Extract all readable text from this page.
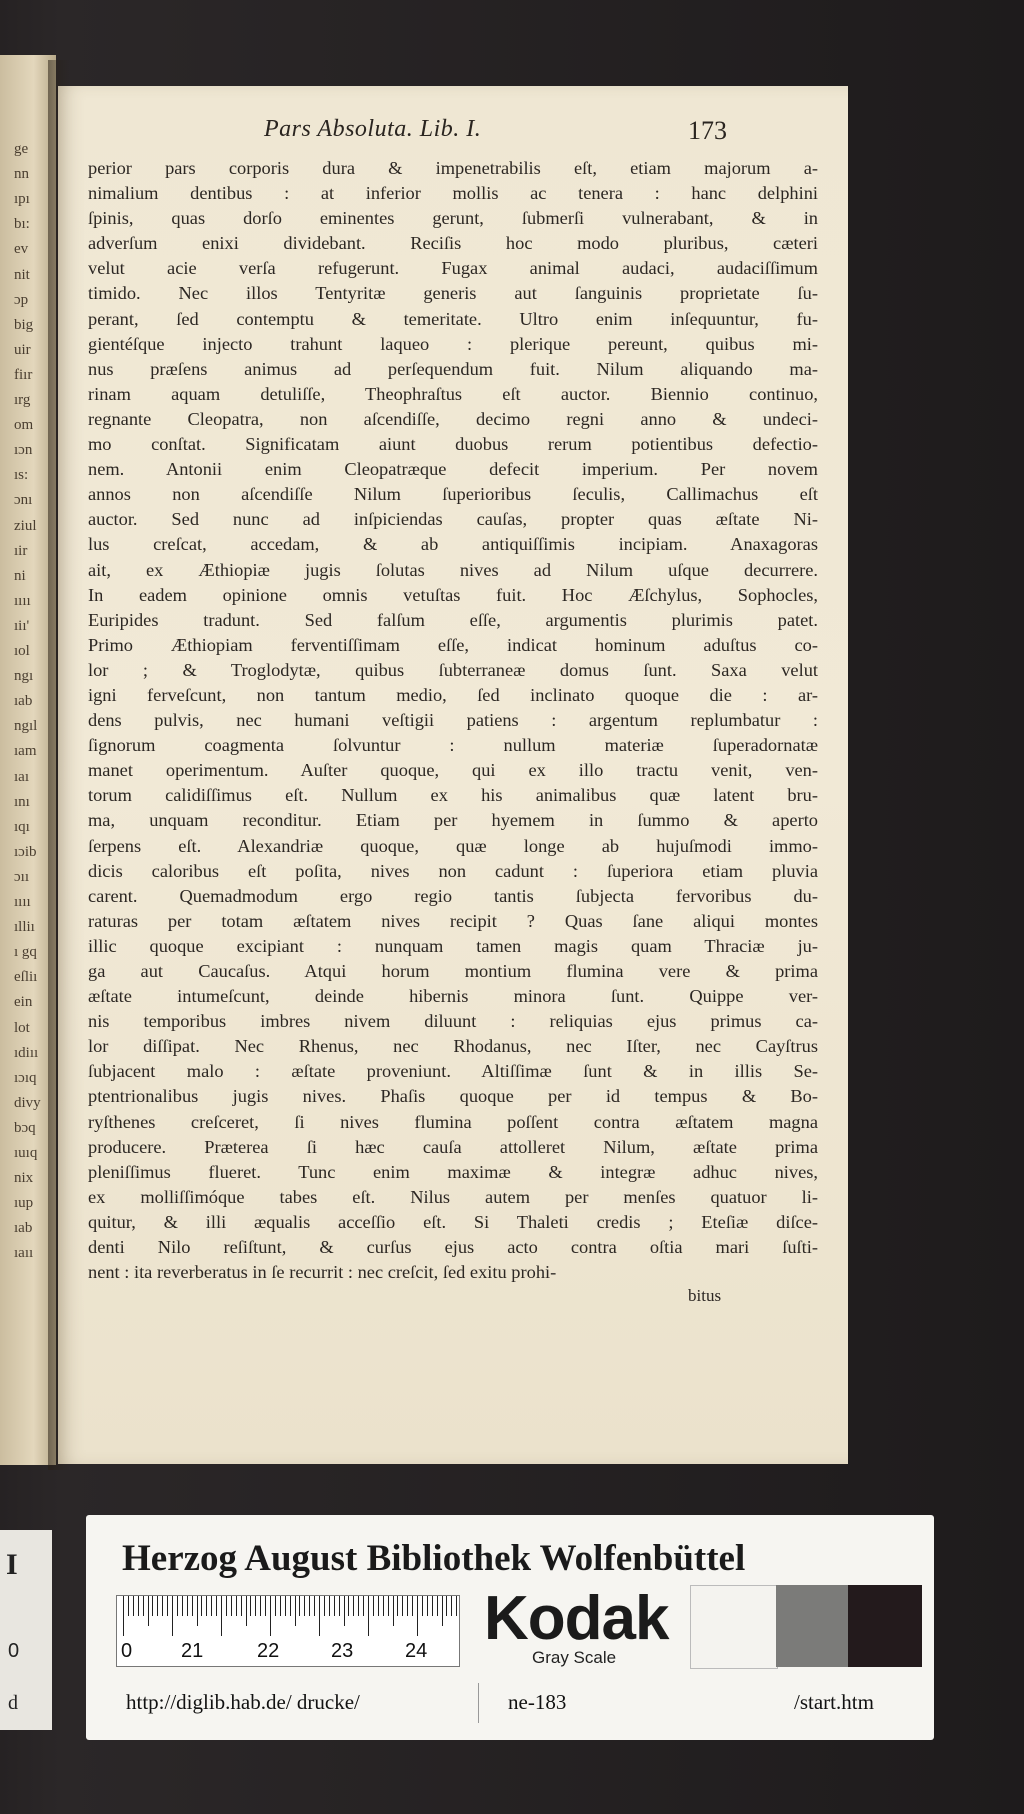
ge
nn
ıpı
bı:
ev
nit
ɔp
big
uir
fiır
ırg
om
ıɔn
ıs:
ɔnı
ziul
ıir
ni
ıııı
ıiı'
ıol
ngı
ıab
ngıl
ıam
ıaı
ını
ıqı
ıɔib
ɔıı
ıııı
ılliı
ı gq
eſliı
ein
lot
ıdiıı
ıɔıq
divy
bɔq
ıuıq
nix
ıup
ıab
ıaıı
Pars Absoluta. Lib. I.	173
perior pars corporis dura & impenetrabilis eſt, etiam majorum a-
nimalium dentibus : at inferior mollis ac tenera : hanc delphini
ſpinis, quas dorſo eminentes gerunt, ſubmerſi vulnerabant, & in
adverſum enixi dividebant. Reciſis hoc modo pluribus, cæteri
velut acie verſa refugerunt. Fugax animal audaci, audaciſſimum
timido. Nec illos Tentyritæ generis aut ſanguinis proprietate ſu-
perant, ſed contemptu & temeritate. Ultro enim inſequuntur, fu-
gientéſque injecto trahunt laqueo : plerique pereunt, quibus mi-
nus præſens animus ad perſequendum fuit. Nilum aliquando ma-
rinam aquam detuliſſe, Theophraſtus eſt auctor. Biennio continuo,
regnante Cleopatra, non aſcendiſſe, decimo regni anno & undeci-
mo conſtat. Significatam aiunt duobus rerum potientibus defectio-
nem. Antonii enim Cleopatræque defecit imperium. Per novem
annos non aſcendiſſe Nilum ſuperioribus ſeculis, Callimachus eſt
auctor. Sed nunc ad inſpiciendas cauſas, propter quas æſtate Ni-
lus creſcat, accedam, & ab antiquiſſimis incipiam. Anaxagoras
ait, ex Æthiopiæ jugis ſolutas nives ad Nilum uſque decurrere.
In eadem opinione omnis vetuſtas fuit. Hoc Æſchylus, Sophocles,
Euripides tradunt. Sed falſum eſſe, argumentis plurimis patet.
Primo Æthiopiam ferventiſſimam eſſe, indicat hominum aduſtus co-
lor ; & Troglodytæ, quibus ſubterraneæ domus ſunt. Saxa velut
igni ferveſcunt, non tantum medio, ſed inclinato quoque die : ar-
dens pulvis, nec humani veſtigii patiens : argentum replumbatur :
ſignorum coagmenta ſolvuntur : nullum materiæ ſuperadornatæ
manet operimentum. Auſter quoque, qui ex illo tractu venit, ven-
torum calidiſſimus eſt. Nullum ex his animalibus quæ latent bru-
ma, unquam reconditur. Etiam per hyemem in ſummo & aperto
ſerpens eſt. Alexandriæ quoque, quæ longe ab hujuſmodi immo-
dicis caloribus eſt poſita, nives non cadunt : ſuperiora etiam pluvia
carent. Quemadmodum ergo regio tantis ſubjecta fervoribus du-
raturas per totam æſtatem nives recipit ? Quas ſane aliqui montes
illic quoque excipiant : nunquam tamen magis quam Thraciæ ju-
ga aut Caucaſus. Atqui horum montium flumina vere & prima
æſtate intumeſcunt, deinde hibernis minora ſunt. Quippe ver-
nis temporibus imbres nivem diluunt : reliquias ejus primus ca-
lor diſſipat. Nec Rhenus, nec Rhodanus, nec Iſter, nec Cayſtrus
ſubjacent malo : æſtate proveniunt. Altiſſimæ ſunt & in illis Se-
ptentrionalibus jugis nives. Phaſis quoque per id tempus & Bo-
ryſthenes creſceret, ſi nives flumina poſſent contra æſtatem magna
producere. Præterea ſi hæc cauſa attolleret Nilum, æſtate prima
pleniſſimus flueret. Tunc enim maximæ & integræ adhuc nives,
ex molliſſimóque tabes eſt. Nilus autem per menſes quatuor li-
quitur, & illi æqualis acceſſio eſt. Si Thaleti credis ; Eteſiæ diſce-
denti Nilo reſiſtunt, & curſus ejus acto contra oſtia mari ſuſti-
nent : ita reverberatus in ſe recurrit : nec creſcit, ſed exitu prohi-
bitus
I
0
d
Herzog August Bibliothek Wolfenbüttel
0 21	22	23	24 Kodak
Gray Scale
http://diglib.hab.de/ drucke/	ne-183	/start.htm
